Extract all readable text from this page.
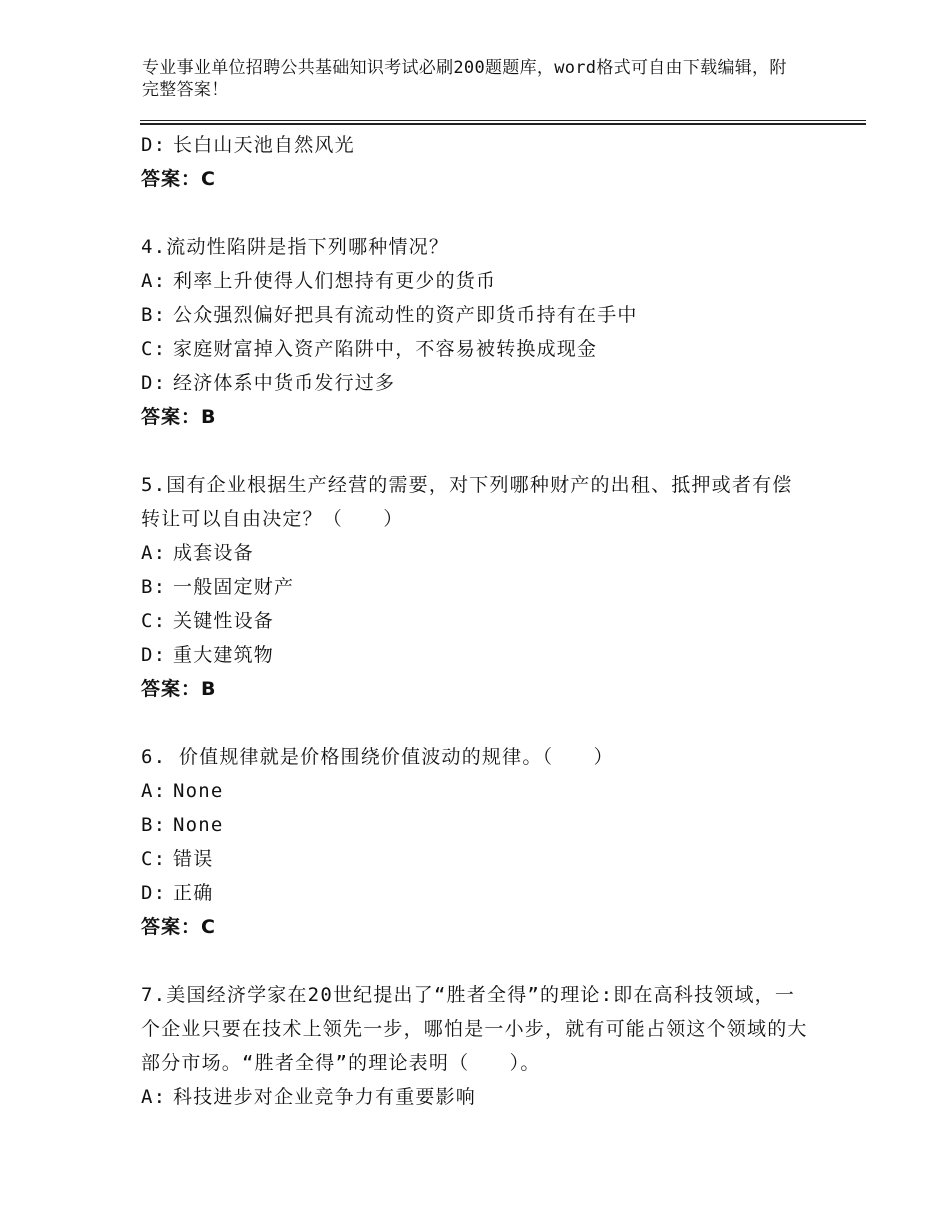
专业事业单位招聘公共基础知识考试必刷200题题库，word格式可自由下载编辑，附完整答案！
D: 长白山天池自然风光
答案：C
4.流动性陷阱是指下列哪种情况？
A: 利率上升使得人们想持有更少的货币
B: 公众强烈偏好把具有流动性的资产即货币持有在手中
C: 家庭财富掉入资产陷阱中，不容易被转换成现金
D: 经济体系中货币发行过多
答案：B
5.国有企业根据生产经营的需要，对下列哪种财产的出租、抵押或者有偿转让可以自由决定？（　　）
A: 成套设备
B: 一般固定财产
C: 关键性设备
D: 重大建筑物
答案：B
6. 价值规律就是价格围绕价值波动的规律。（　　）
A: None
B: None
C: 错误
D: 正确
答案：C
7.美国经济学家在20世纪提出了“胜者全得”的理论:即在高科技领域，一个企业只要在技术上领先一步，哪怕是一小步，就有可能占领这个领域的大部分市场。“胜者全得”的理论表明（　　）。
A: 科技进步对企业竞争力有重要影响
